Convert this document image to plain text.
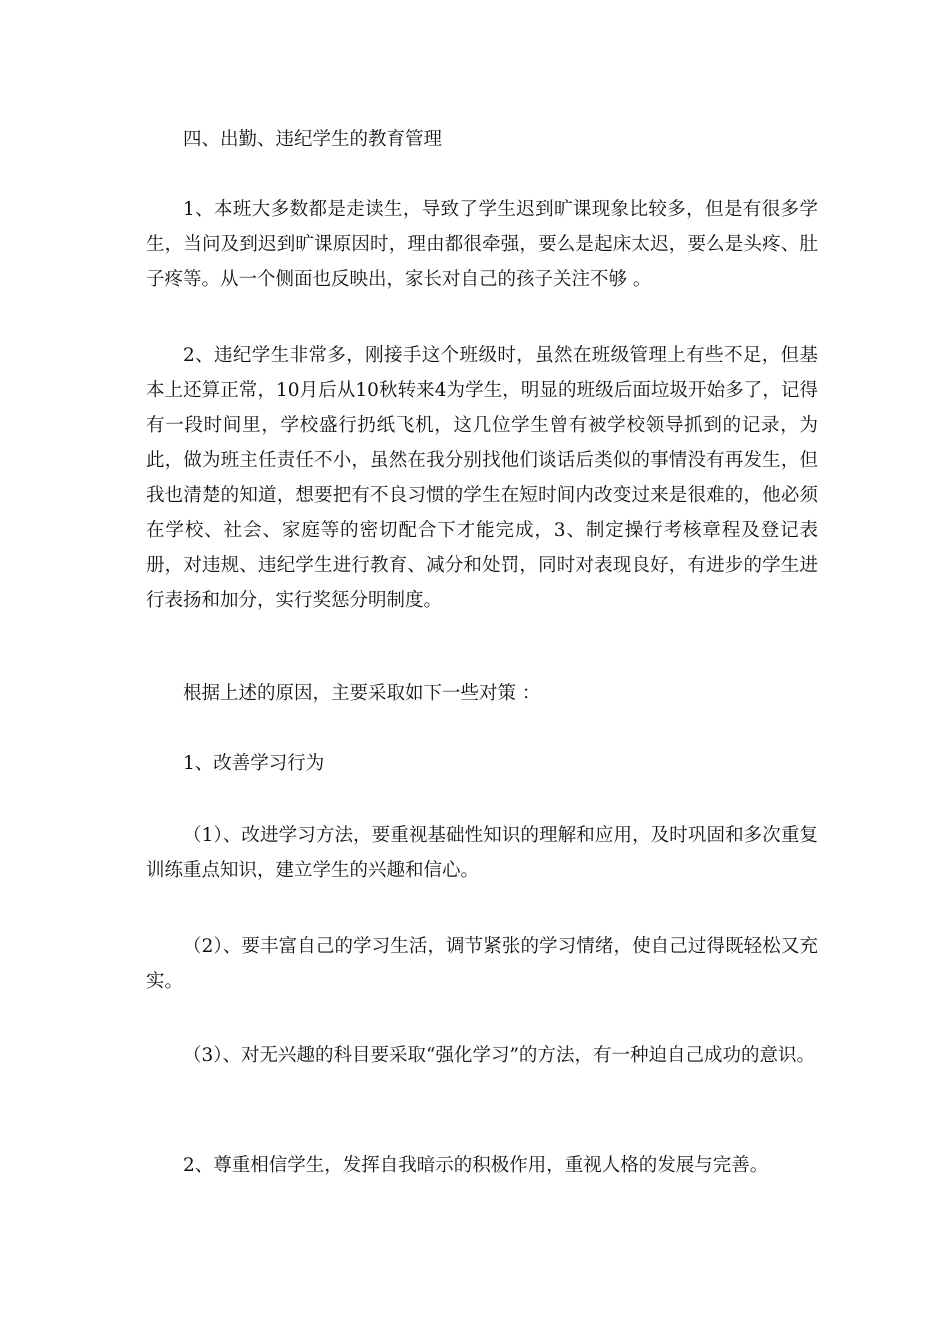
四、出勤、违纪学生的教育管理

1、本班大多数都是走读生，导致了学生迟到旷课现象比较多，但是有很多学生，当问及到迟到旷课原因时，理由都很牵强，要么是起床太迟，要么是头疼、肚子疼等。从一个侧面也反映出，家长对自己的孩子关注不够 。

2、违纪学生非常多，刚接手这个班级时，虽然在班级管理上有些不足，但基本上还算正常，10月后从10秋转来4为学生，明显的班级后面垃圾开始多了，记得有一段时间里，学校盛行扔纸飞机，这几位学生曾有被学校领导抓到的记录，为此，做为班主任责任不小，虽然在我分别找他们谈话后类似的事情没有再发生，但我也清楚的知道，想要把有不良习惯的学生在短时间内改变过来是很难的，他必须在学校、社会、家庭等的密切配合下才能完成，3、制定操行考核章程及登记表册，对违规、违纪学生进行教育、减分和处罚，同时对表现良好，有进步的学生进行表扬和加分，实行奖惩分明制度。

根据上述的原因，主要采取如下一些对策 ：

1、改善学习行为

（1）、改进学习方法，要重视基础性知识的理解和应用，及时巩固和多次重复训练重点知识，建立学生的兴趣和信心。

（2）、要丰富自己的学习生活，调节紧张的学习情绪，使自己过得既轻松又充实。

（3）、对无兴趣的科目要采取“强化学习”的方法，有一种迫自己成功的意识。

2、尊重相信学生，发挥自我暗示的积极作用，重视人格的发展与完善。
